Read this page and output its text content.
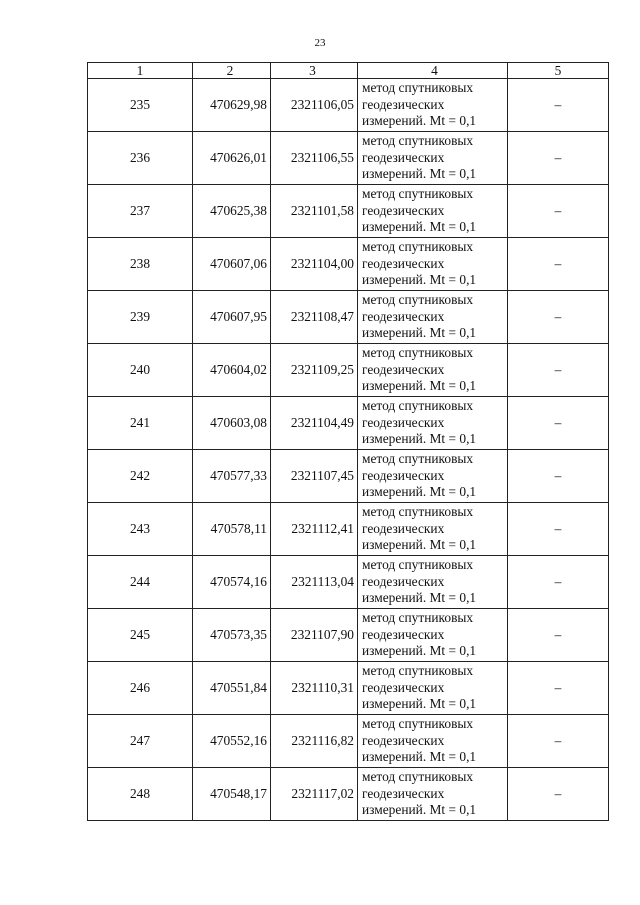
23
1	2	3	4	5
235	470629,98	2321106,05	метод спутниковых
геодезических
измерений. Mt = 0,1	–
236	470626,01	2321106,55	метод спутниковых
геодезических
измерений. Mt = 0,1	–
237	470625,38	2321101,58	метод спутниковых
геодезических
измерений. Mt = 0,1	–
238	470607,06	2321104,00	метод спутниковых
геодезических
измерений. Mt = 0,1	–
239	470607,95	2321108,47	метод спутниковых
геодезических
измерений. Mt = 0,1	–
240	470604,02	2321109,25	метод спутниковых
геодезических
измерений. Mt = 0,1	–
241	470603,08	2321104,49	метод спутниковых
геодезических
измерений. Mt = 0,1	–
242	470577,33	2321107,45	метод спутниковых
геодезических
измерений. Mt = 0,1	–
243	470578,11	2321112,41	метод спутниковых
геодезических
измерений. Mt = 0,1	–
244	470574,16	2321113,04	метод спутниковых
геодезических
измерений. Mt = 0,1	–
245	470573,35	2321107,90	метод спутниковых
геодезических
измерений. Mt = 0,1	–
246	470551,84	2321110,31	метод спутниковых
геодезических
измерений. Mt = 0,1	–
247	470552,16	2321116,82	метод спутниковых
геодезических
измерений. Mt = 0,1	–
248	470548,17	2321117,02	метод спутниковых
геодезических
измерений. Mt = 0,1	–
